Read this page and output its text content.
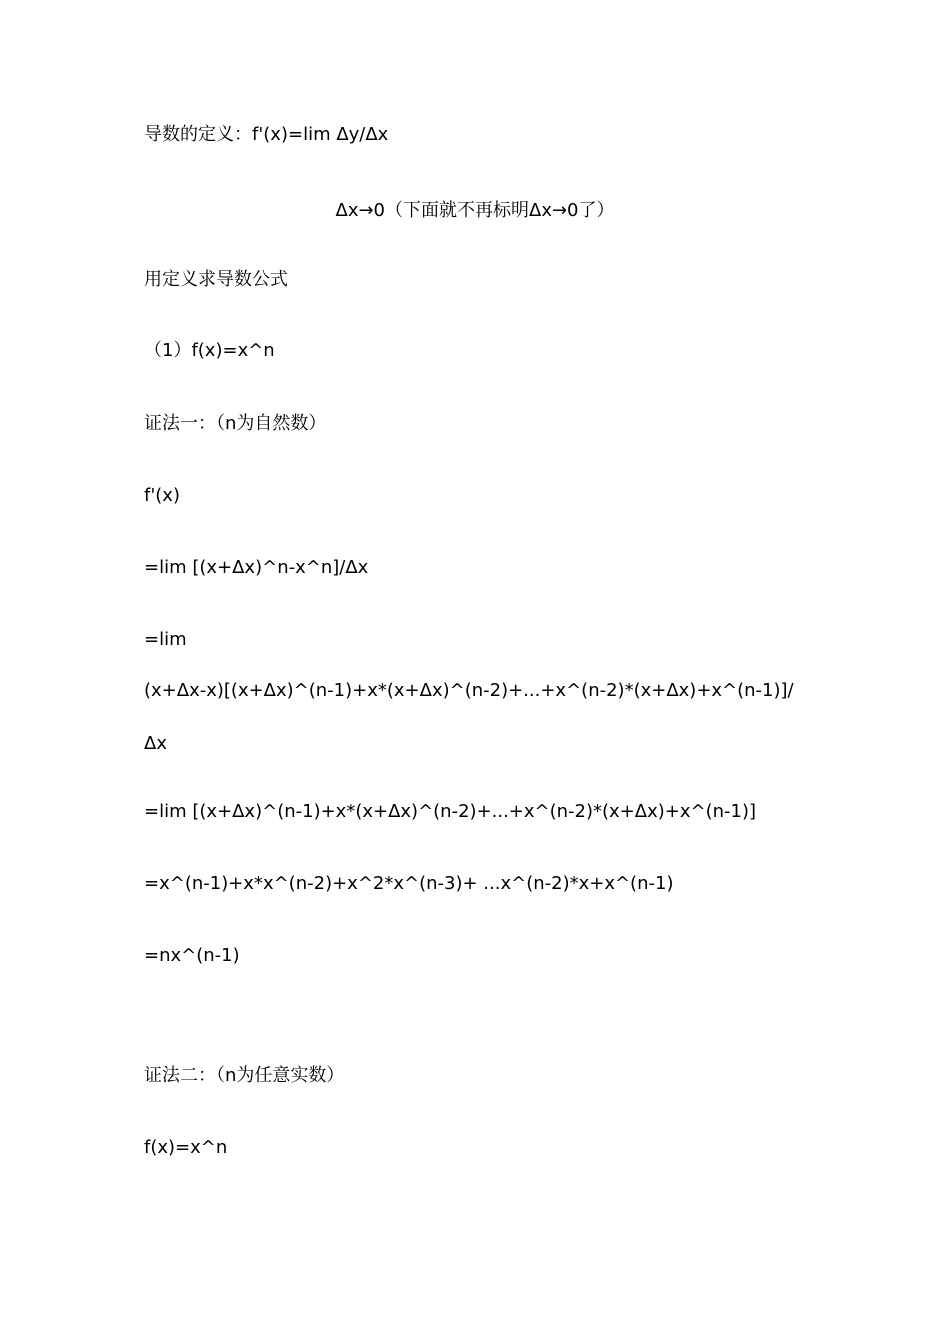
导数的定义：f'(x)=lim Δy/Δx
Δx→0（下面就不再标明Δx→0了）
用定义求导数公式
（1）f(x)=x^n
证法一：（n为自然数）
f'(x)
=lim [(x+Δx)^n-x^n]/Δx
=lim
(x+Δx-x)[(x+Δx)^(n-1)+x*(x+Δx)^(n-2)+...+x^(n-2)*(x+Δx)+x^(n-1)]/
Δx
=lim [(x+Δx)^(n-1)+x*(x+Δx)^(n-2)+...+x^(n-2)*(x+Δx)+x^(n-1)]
=x^(n-1)+x*x^(n-2)+x^2*x^(n-3)+ ...x^(n-2)*x+x^(n-1)
=nx^(n-1)
证法二：（n为任意实数）
f(x)=x^n
